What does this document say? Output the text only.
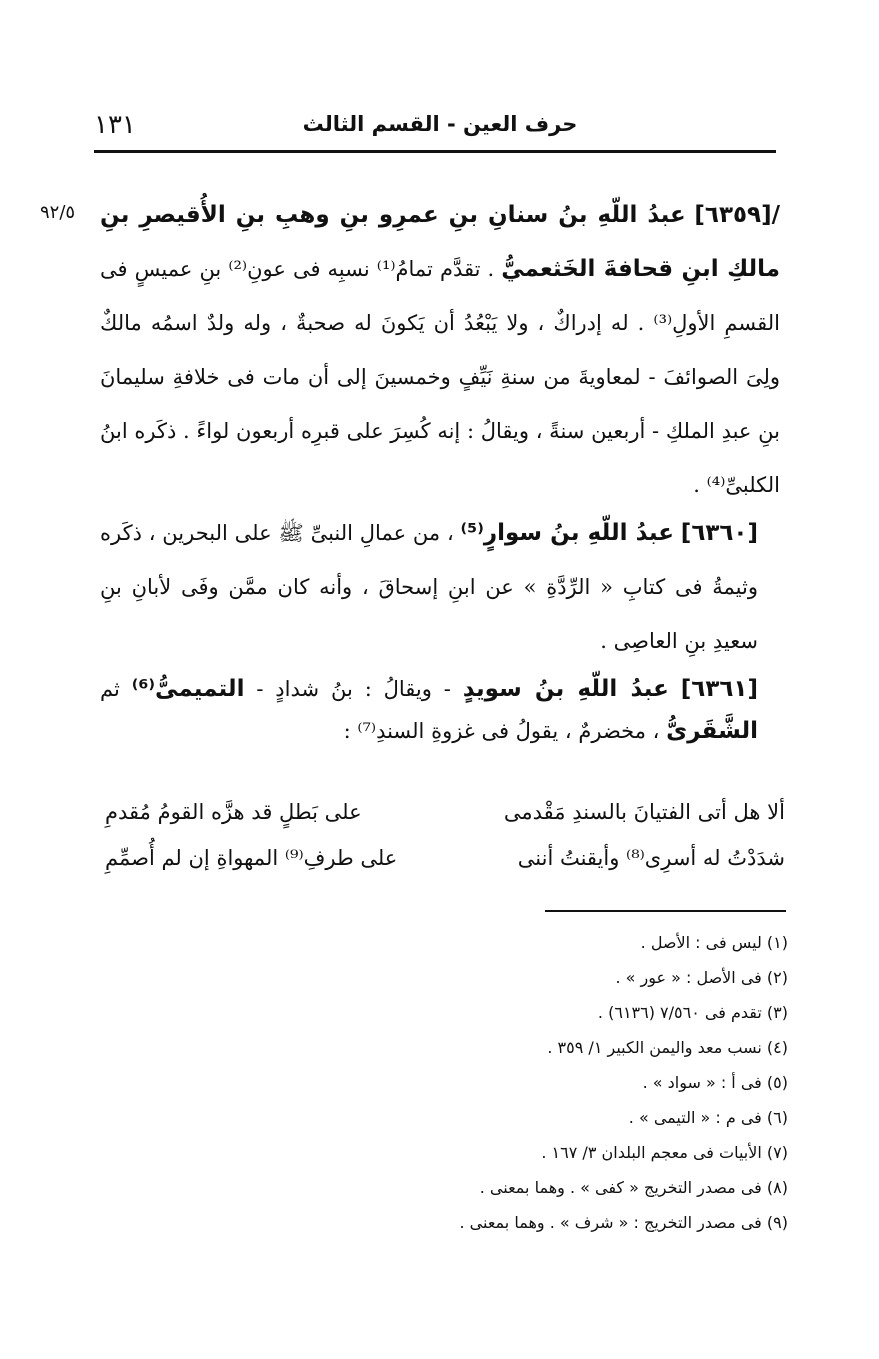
حرف العين - القسم الثالث
١٣١
٩٢/٥	/[٦٣٥٩] عبدُ اللّهِ بنُ سنانِ بنِ عمرِو بنِ وهبِ بنِ الأُقيصرِ بنِ مالكِ ابنِ قحافةَ الخَثعميُّ . تقدَّم تمامُ⁽¹⁾ نسبِه فى عونِ⁽²⁾ بنِ عميسٍ فى القسمِ الأولِ⁽³⁾ . له إدراكٌ ، ولا يَبْعُدُ أن يَكونَ له صحبةٌ ، وله ولدٌ اسمُه مالكٌ ولِىَ الصوائفَ - لمعاويةَ من سنةِ نَيِّفٍ وخمسينَ إلى أن مات فى خلافةِ سليمانَ بنِ عبدِ الملكِ - أربعين سنةً ، ويقالُ : إنه كُسِرَ على قبرِه أربعون لواءً . ذكَره ابنُ الكلبىِّ⁽⁴⁾ .

[٦٣٦٠] عبدُ اللّهِ بنُ سوارٍ⁽⁵⁾ ، من عمالِ النبىِّ ﷺ على البحرين ، ذكَره وثيمةُ فى كتابِ « الرِّدَّةِ » عن ابنِ إسحاقَ ، وأنه كان ممَّن وفَى لأبانِ بنِ سعيدِ بنِ العاصِى .

[٦٣٦١] عبدُ اللّهِ بنُ سويدٍ - ويقالُ : بنُ شدادٍ - التميمىُّ⁽⁶⁾ ثم الشَّقَرىُّ ، مخضرمٌ ، يقولُ فى غزوةِ السندِ⁽⁷⁾ :

ألا هل أتى الفتيانَ بالسندِ مَقْدمى
على بَطلٍ قد هزَّه القومُ مُقدمِ
شدَدْتُ له أسرِى⁽⁸⁾ وأيقنتُ أننى
على طرفِ⁽⁹⁾ المهواةِ إن لم أُصمِّمِ

(١) ليس فى : الأصل .

(٢) فى الأصل : « عور » .

(٣) تقدم فى ٧/٥٦٠ (٦١٣٦) .

(٤) نسب معد واليمن الكبير ١/ ٣٥٩ .

(٥) فى أ : « سواد » .

(٦) فى م : « التيمى » .

(٧) الأبيات فى معجم البلدان ٣/ ١٦٧ .

(٨) فى مصدر التخريج « كفى » . وهما بمعنى .

(٩) فى مصدر التخريج : « شرف » . وهما بمعنى .
